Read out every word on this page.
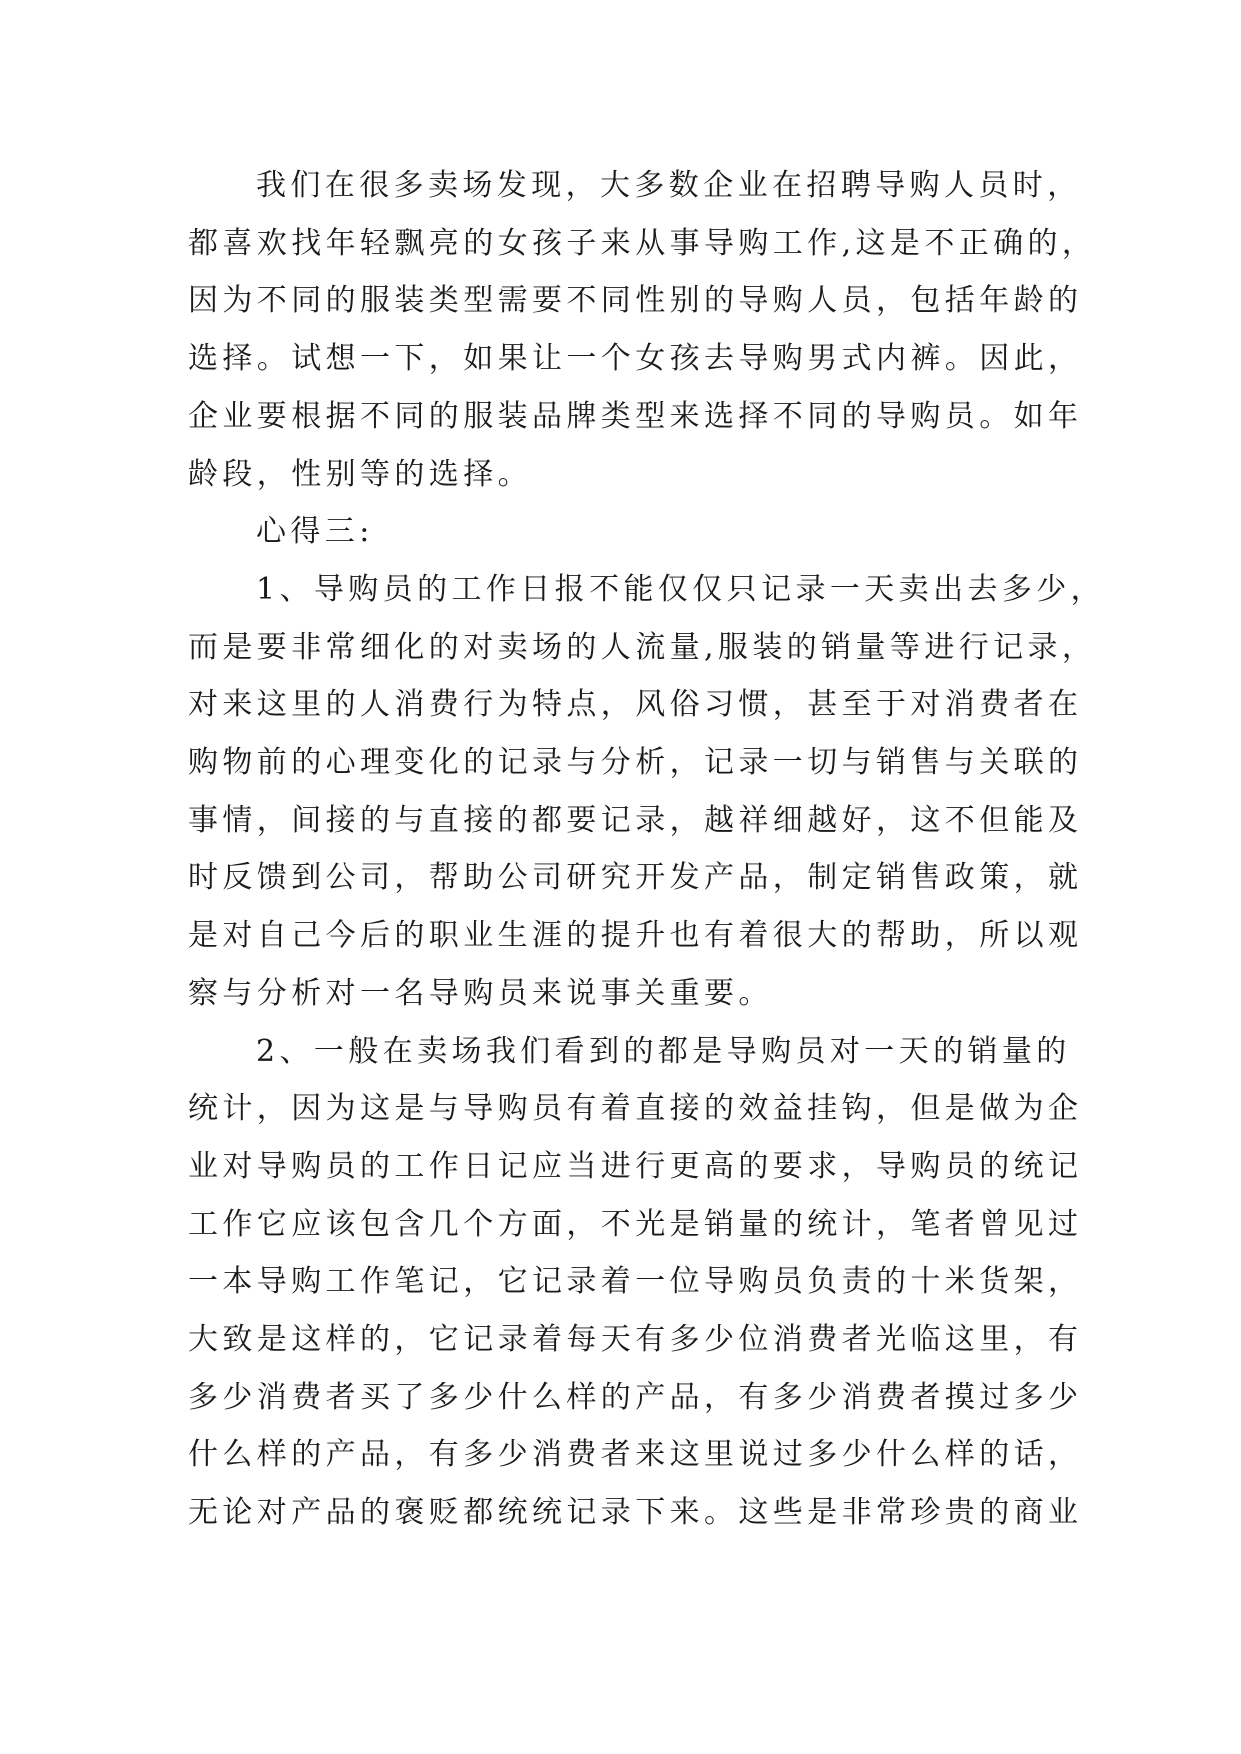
我们在很多卖场发现，大多数企业在招聘导购人员时，
都喜欢找年轻飘亮的女孩子来从事导购工作,这是不正确的，
因为不同的服装类型需要不同性别的导购人员，包括年龄的
选择。试想一下，如果让一个女孩去导购男式内裤。因此，
企业要根据不同的服装品牌类型来选择不同的导购员。如年
龄段，性别等的选择。
心得三:
1、导购员的工作日报不能仅仅只记录一天卖出去多少，
而是要非常细化的对卖场的人流量,服装的销量等进行记录，
对来这里的人消费行为特点，风俗习惯，甚至于对消费者在
购物前的心理变化的记录与分析，记录一切与销售与关联的
事情，间接的与直接的都要记录，越祥细越好，这不但能及
时反馈到公司，帮助公司研究开发产品，制定销售政策，就
是对自己今后的职业生涯的提升也有着很大的帮助，所以观
察与分析对一名导购员来说事关重要。
2、一般在卖场我们看到的都是导购员对一天的销量的
统计，因为这是与导购员有着直接的效益挂钩，但是做为企
业对导购员的工作日记应当进行更高的要求，导购员的统记
工作它应该包含几个方面，不光是销量的统计，笔者曾见过
一本导购工作笔记，它记录着一位导购员负责的十米货架，
大致是这样的，它记录着每天有多少位消费者光临这里，有
多少消费者买了多少什么样的产品，有多少消费者摸过多少
什么样的产品，有多少消费者来这里说过多少什么样的话，
无论对产品的褒贬都统统记录下来。这些是非常珍贵的商业
